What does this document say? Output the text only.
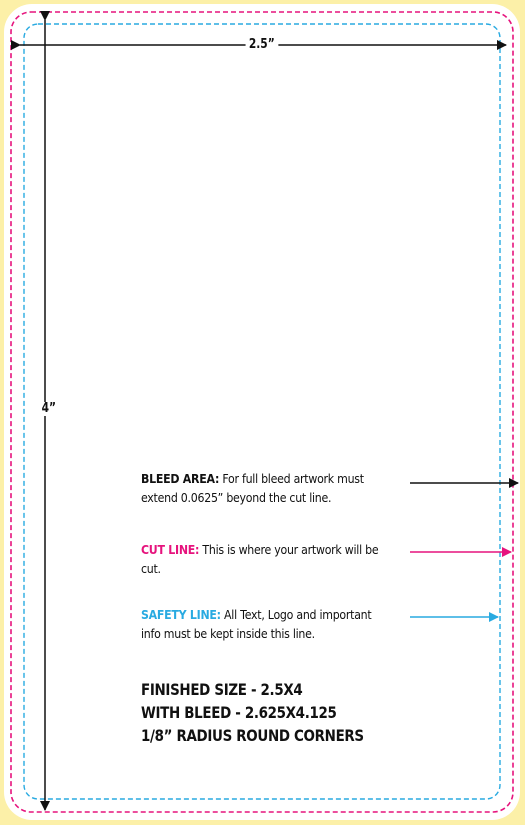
2.5”
4”
BLEED AREA: For full bleed artwork must extend 0.0625” beyond the cut line.
CUT LINE: This is where your artwork will be cut.
SAFETY LINE: All Text, Logo and important info must be kept inside this line.
FINISHED SIZE - 2.5X4
WITH BLEED - 2.625X4.125
1/8” RADIUS ROUND CORNERS
